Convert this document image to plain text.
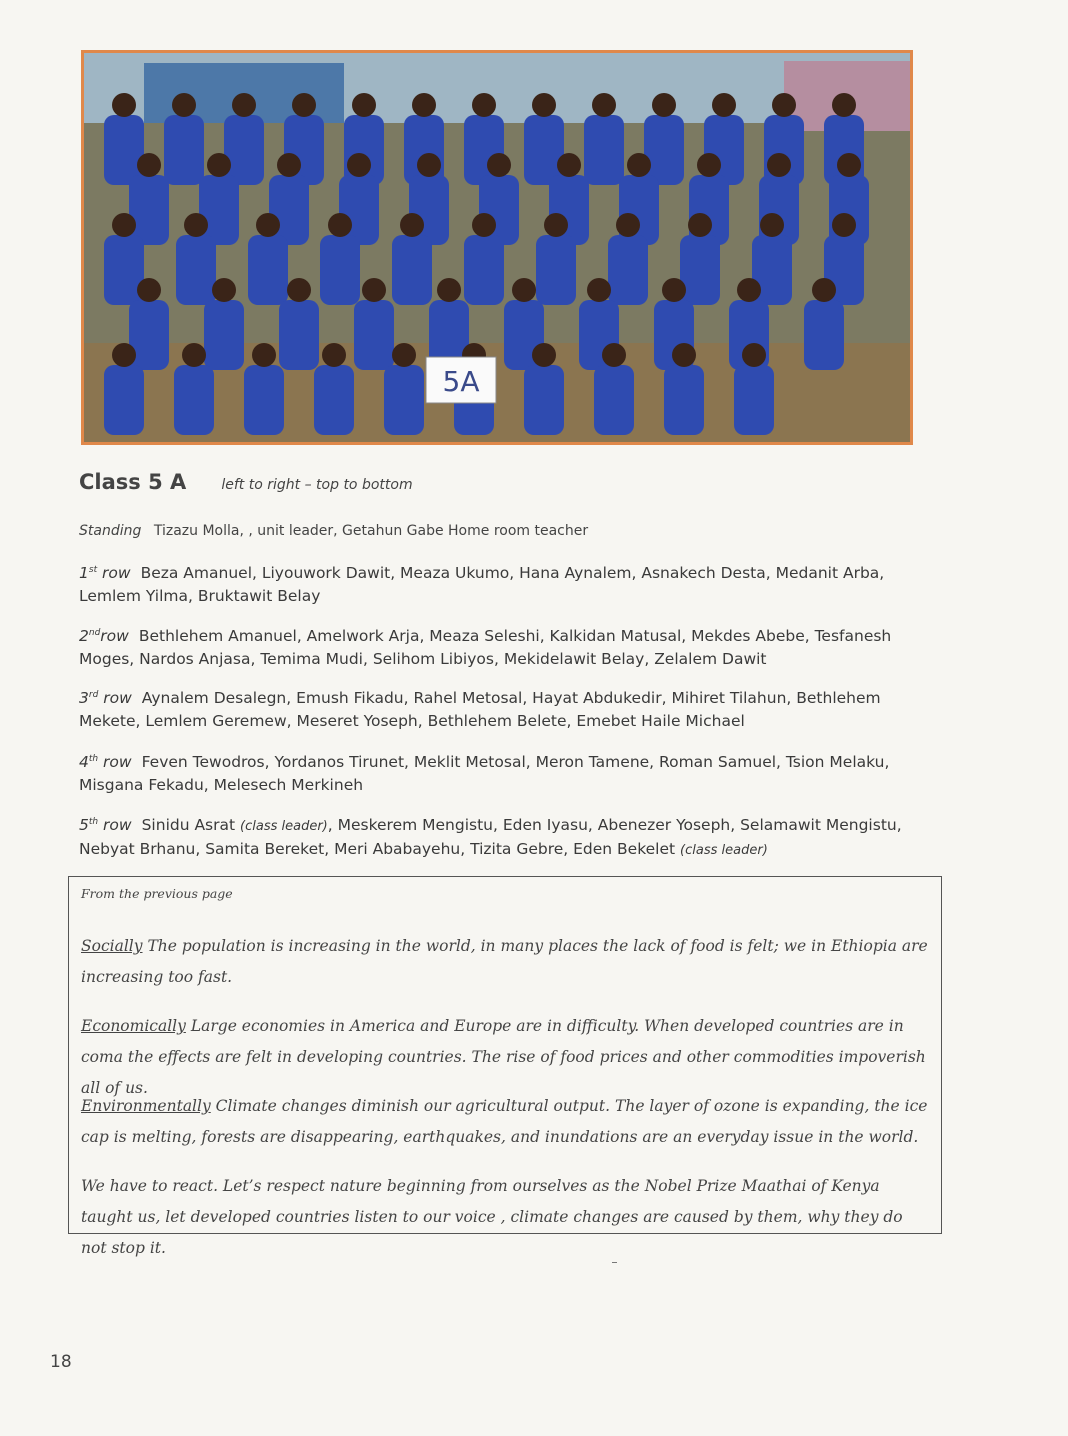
5A
Class 5 A	left to right – top to bottom
Standing Tizazu Molla, , unit leader, Getahun Gabe Home room teacher
1st row Beza Amanuel, Liyouwork Dawit, Meaza Ukumo, Hana Aynalem, Asnakech Desta, Medanit Arba, Lemlem Yilma, Bruktawit Belay
2ndrow Bethlehem Amanuel, Amelwork Arja, Meaza Seleshi, Kalkidan Matusal, Mekdes Abebe, Tesfanesh Moges, Nardos Anjasa, Temima Mudi, Selihom Libiyos, Mekidelawit Belay, Zelalem Dawit
3rd row Aynalem Desalegn, Emush Fikadu, Rahel Metosal, Hayat Abdukedir, Mihiret Tilahun, Bethlehem Mekete, Lemlem Geremew, Meseret Yoseph, Bethlehem Belete, Emebet Haile Michael
4th row Feven Tewodros, Yordanos Tirunet, Meklit Metosal, Meron Tamene, Roman Samuel, Tsion Melaku, Misgana Fekadu, Melesech Merkineh
5th row Sinidu Asrat (class leader), Meskerem Mengistu, Eden Iyasu, Abenezer Yoseph, Selamawit Mengistu, Nebyat Brhanu, Samita Bereket, Meri Ababayehu, Tizita Gebre, Eden Bekelet (class leader)
From the previous page
Socially The population is increasing in the world, in many places the lack of food is felt; we in Ethiopia are increasing too fast.
Economically Large economies in America and Europe are in difficulty. When developed countries are in coma the effects are felt in developing countries. The rise of food prices and other commodities impoverish all of us.
Environmentally Climate changes diminish our agricultural output. The layer of ozone is expanding, the ice cap is melting, forests are disappearing, earthquakes, and inundations are an everyday issue in the world.
We have to react. Let’s respect nature beginning from ourselves as the Nobel Prize Maathai of Kenya taught us, let developed countries listen to our voice , climate changes are caused by them, why they do not stop it.
18
